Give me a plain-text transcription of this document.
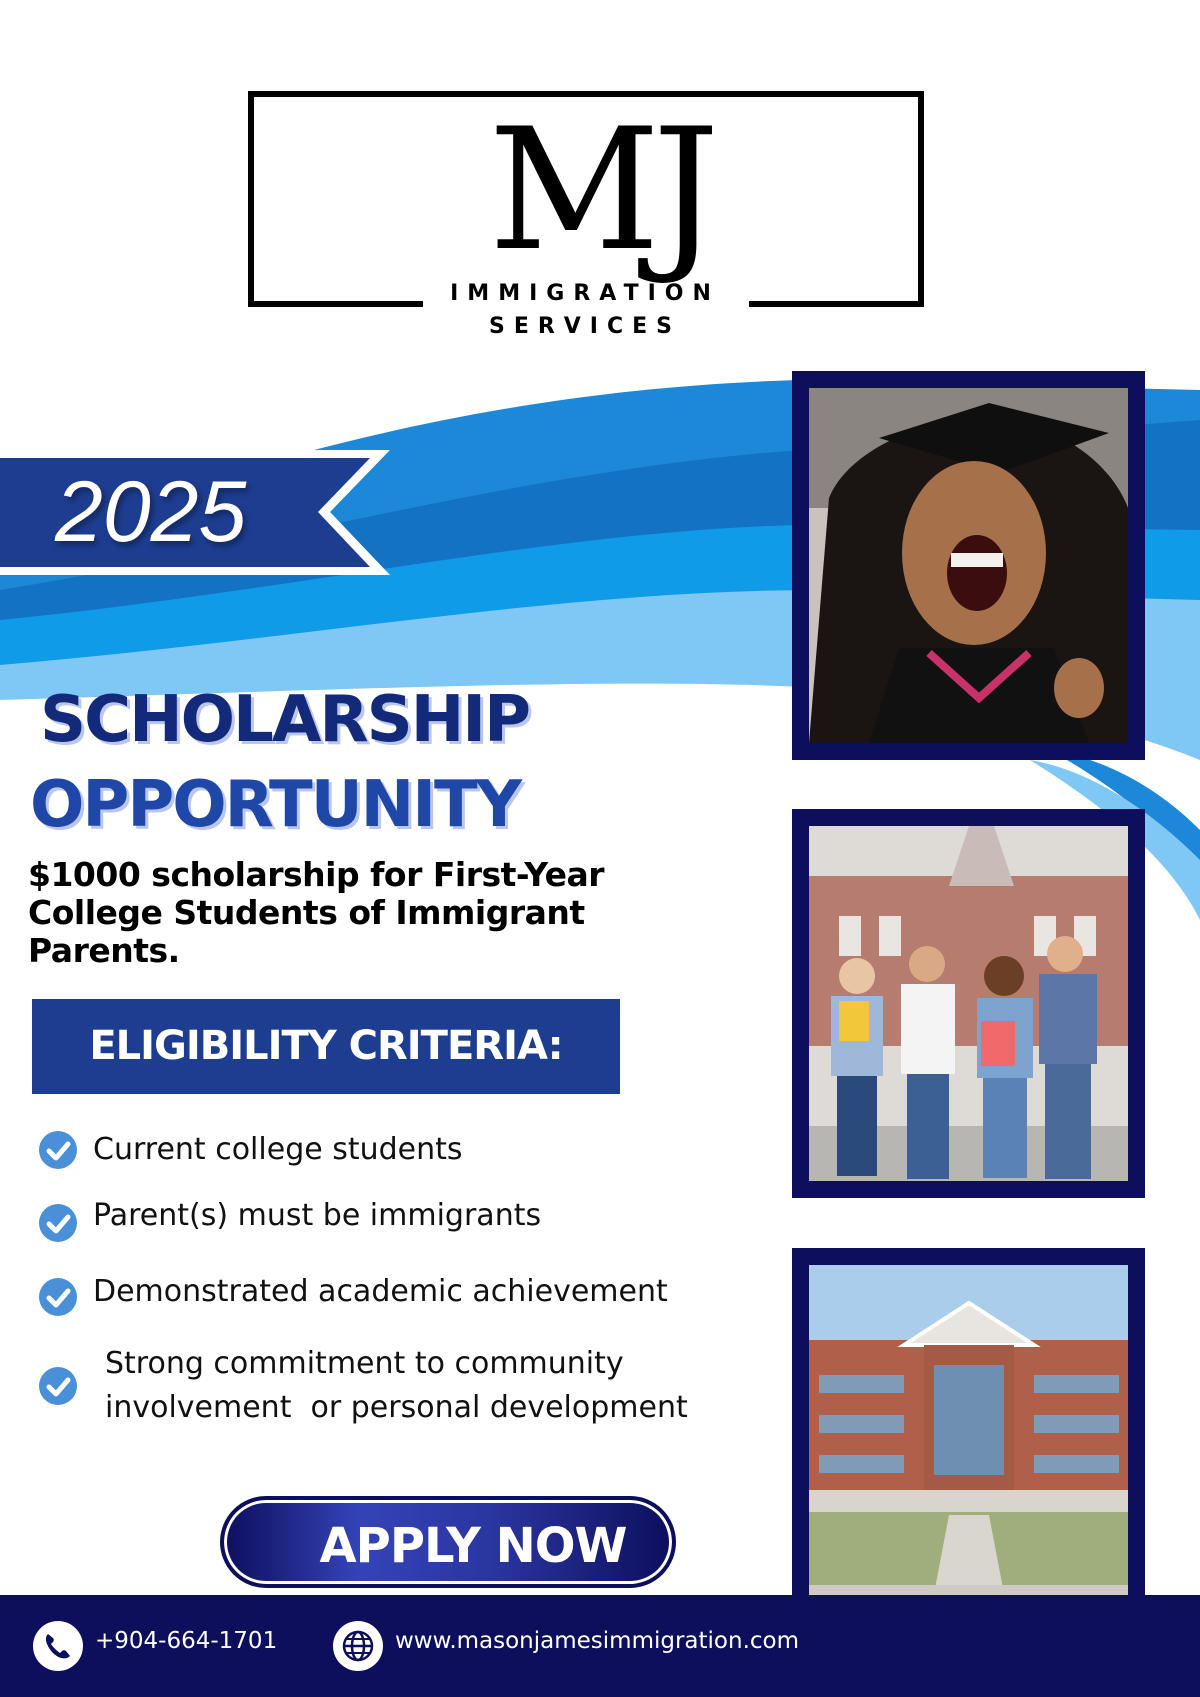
MJ
IMMIGRATION
SERVICES
2025
SCHOLARSHIP
OPPORTUNITY
$1000 scholarship for First-Year
College Students of Immigrant
Parents.
ELIGIBILITY CRITERIA:
Current college students
Parent(s) must be immigrants
Demonstrated academic achievement
Strong commitment to community
involvement  or personal development
APPLY NOW
+904-664-1701	www.masonjamesimmigration.com
